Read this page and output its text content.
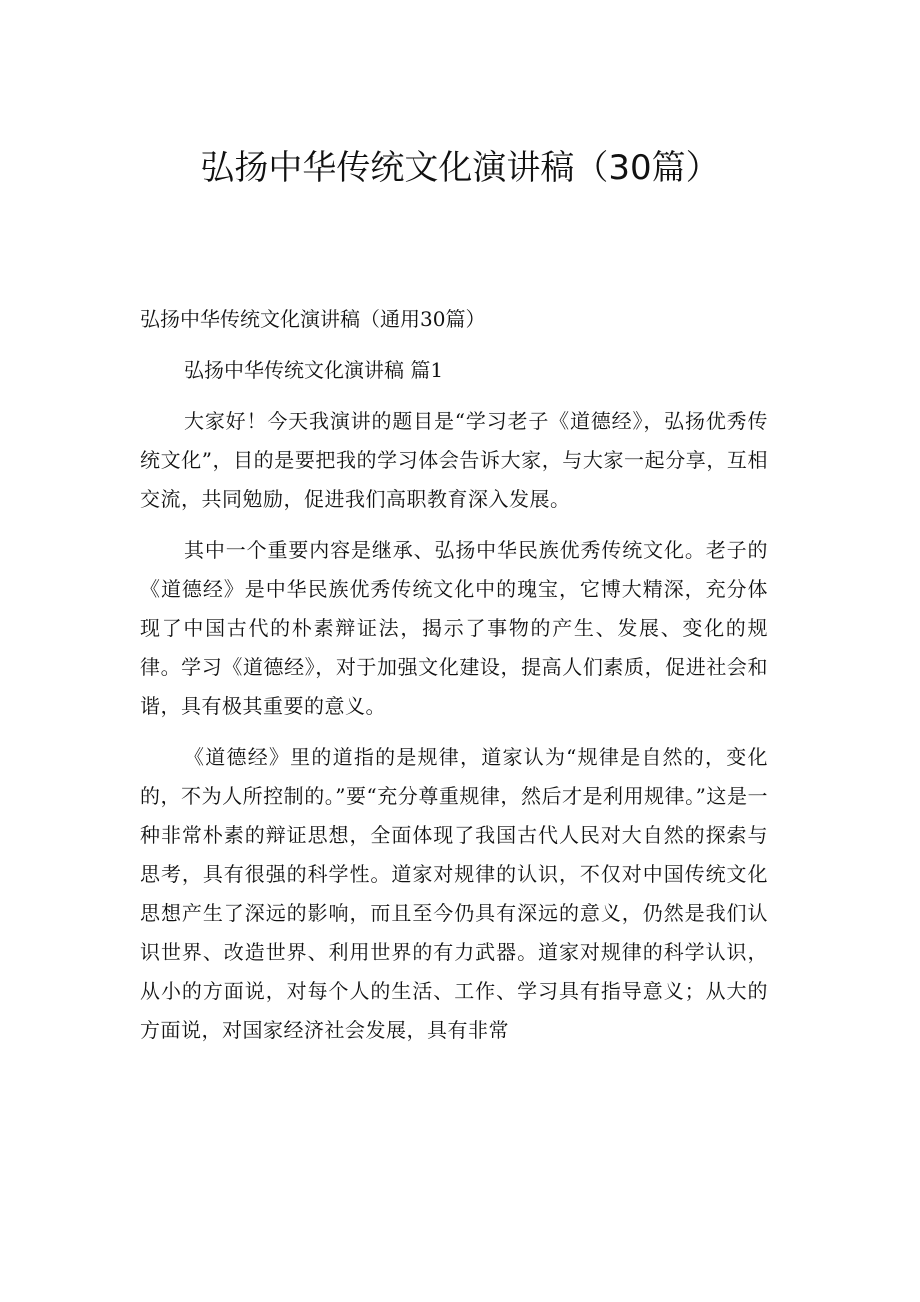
弘扬中华传统文化演讲稿（30篇）

弘扬中华传统文化演讲稿（通用30篇）

弘扬中华传统文化演讲稿 篇1

大家好！今天我演讲的题目是“学习老子《道德经》，弘扬优秀传统文化”，目的是要把我的学习体会告诉大家，与大家一起分享，互相交流，共同勉励，促进我们高职教育深入发展。

其中一个重要内容是继承、弘扬中华民族优秀传统文化。老子的《道德经》是中华民族优秀传统文化中的瑰宝，它博大精深，充分体现了中国古代的朴素辩证法，揭示了事物的产生、发展、变化的规律。学习《道德经》，对于加强文化建设，提高人们素质，促进社会和谐，具有极其重要的意义。

《道德经》里的道指的是规律，道家认为“规律是自然的，变化的，不为人所控制的。”要“充分尊重规律，然后才是利用规律。”这是一种非常朴素的辩证思想，全面体现了我国古代人民对大自然的探索与思考，具有很强的科学性。道家对规律的认识，不仅对中国传统文化思想产生了深远的影响，而且至今仍具有深远的意义，仍然是我们认识世界、改造世界、利用世界的有力武器。道家对规律的科学认识，从小的方面说，对每个人的生活、工作、学习具有指导意义；从大的方面说，对国家经济社会发展，具有非常
